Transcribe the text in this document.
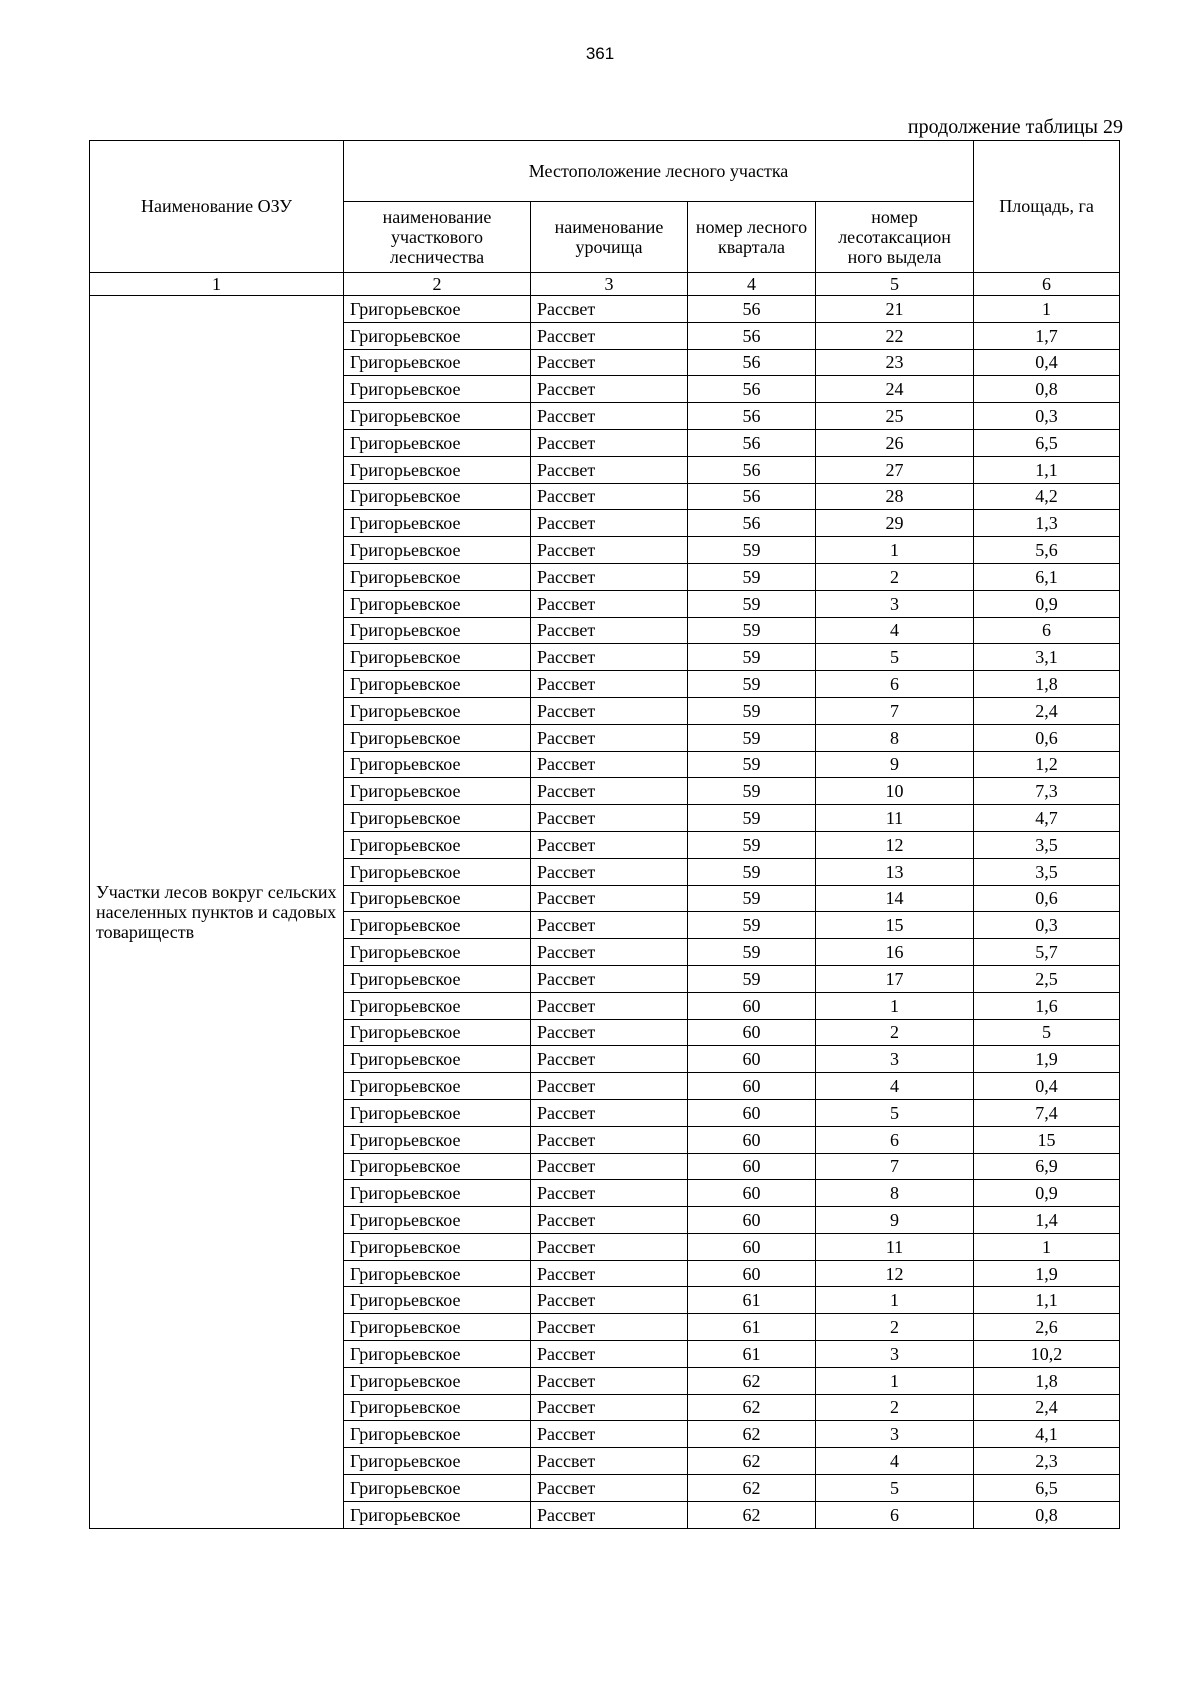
361
продолжение таблицы 29
Наименование ОЗУ	Местоположение лесного участка				Площадь, га
	наименование участкового лесничества	наименование урочища	номер лесного квартала	номер лесотаксацион ного выдела	
1	2	3	4	5	6

Участки лесов вокруг сельских населенных пунктов и садовых товариществ	Григорьевское	Рассвет	56	21	1
	Григорьевское	Рассвет	56	22	1,7
	Григорьевское	Рассвет	56	23	0,4
	Григорьевское	Рассвет	56	24	0,8
	Григорьевское	Рассвет	56	25	0,3
	Григорьевское	Рассвет	56	26	6,5
	Григорьевское	Рассвет	56	27	1,1
	Григорьевское	Рассвет	56	28	4,2
	Григорьевское	Рассвет	56	29	1,3
	Григорьевское	Рассвет	59	1	5,6
	Григорьевское	Рассвет	59	2	6,1
	Григорьевское	Рассвет	59	3	0,9
	Григорьевское	Рассвет	59	4	6
	Григорьевское	Рассвет	59	5	3,1
	Григорьевское	Рассвет	59	6	1,8
	Григорьевское	Рассвет	59	7	2,4
	Григорьевское	Рассвет	59	8	0,6
	Григорьевское	Рассвет	59	9	1,2
	Григорьевское	Рассвет	59	10	7,3
	Григорьевское	Рассвет	59	11	4,7
	Григорьевское	Рассвет	59	12	3,5
	Григорьевское	Рассвет	59	13	3,5
	Григорьевское	Рассвет	59	14	0,6
	Григорьевское	Рассвет	59	15	0,3
	Григорьевское	Рассвет	59	16	5,7
	Григорьевское	Рассвет	59	17	2,5
	Григорьевское	Рассвет	60	1	1,6
	Григорьевское	Рассвет	60	2	5
	Григорьевское	Рассвет	60	3	1,9
	Григорьевское	Рассвет	60	4	0,4
	Григорьевское	Рассвет	60	5	7,4
	Григорьевское	Рассвет	60	6	15
	Григорьевское	Рассвет	60	7	6,9
	Григорьевское	Рассвет	60	8	0,9
	Григорьевское	Рассвет	60	9	1,4
	Григорьевское	Рассвет	60	11	1
	Григорьевское	Рассвет	60	12	1,9
	Григорьевское	Рассвет	61	1	1,1
	Григорьевское	Рассвет	61	2	2,6
	Григорьевское	Рассвет	61	3	10,2
	Григорьевское	Рассвет	62	1	1,8
	Григорьевское	Рассвет	62	2	2,4
	Григорьевское	Рассвет	62	3	4,1
	Григорьевское	Рассвет	62	4	2,3
	Григорьевское	Рассвет	62	5	6,5
	Григорьевское	Рассвет	62	6	0,8
